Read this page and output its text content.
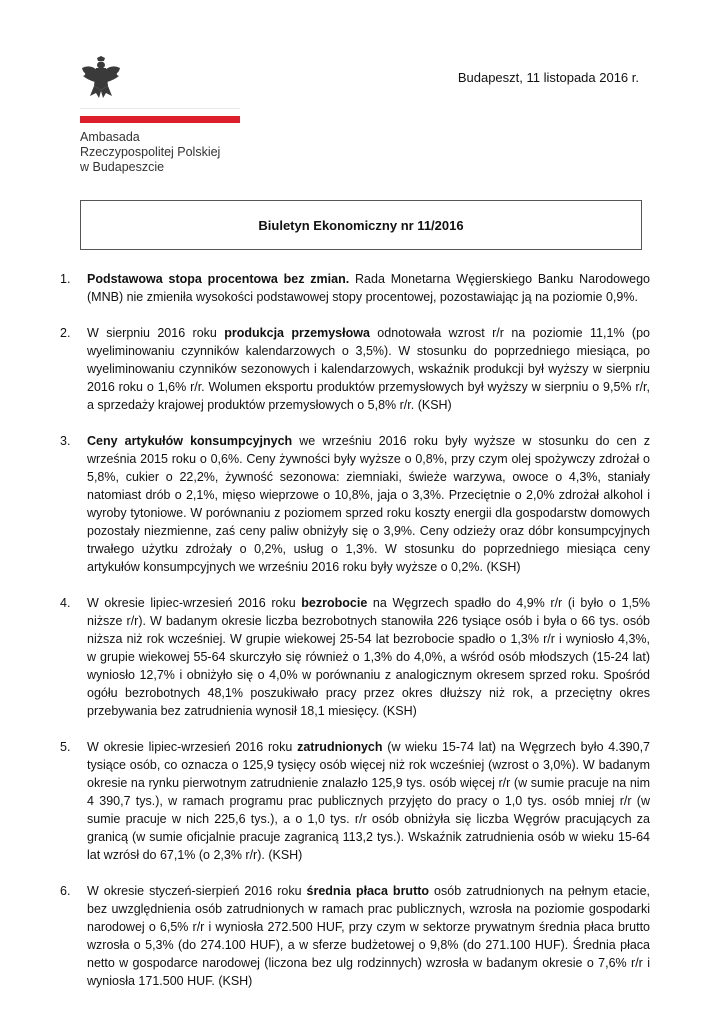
Ambasada
Rzeczypospolitej Polskiej
w Budapeszcie
Budapeszt, 11 listopada 2016 r.
Biuletyn Ekonomiczny nr 11/2016
1.	Podstawowa stopa procentowa bez zmian. Rada Monetarna Węgierskiego Banku Narodowego (MNB) nie zmieniła wysokości podstawowej stopy procentowej, pozostawiając ją na poziomie 0,9%.
2.	W sierpniu 2016 roku produkcja przemysłowa odnotowała wzrost r/r na poziomie 11,1% (po wyeliminowaniu czynników kalendarzowych o 3,5%). W stosunku do poprzedniego miesiąca, po wyeliminowaniu czynników sezonowych i kalendarzowych, wskaźnik produkcji był wyższy w sierpniu 2016 roku o 1,6% r/r. Wolumen eksportu produktów przemysłowych był wyższy w sierpniu o 9,5% r/r, a sprzedaży krajowej produktów przemysłowych o 5,8% r/r. (KSH)
3.	Ceny artykułów konsumpcyjnych we wrześniu 2016 roku były wyższe w stosunku do cen z września 2015 roku o 0,6%. Ceny żywności były wyższe o 0,8%, przy czym olej spożywczy zdrożał o 5,8%, cukier o 22,2%, żywność sezonowa: ziemniaki, świeże warzywa, owoce o 4,3%, staniały natomiast drób o 2,1%, mięso wieprzowe o 10,8%, jaja o 3,3%. Przeciętnie o 2,0% zdrożał alkohol i wyroby tytoniowe. W porównaniu z poziomem sprzed roku koszty energii dla gospodarstw domowych pozostały niezmienne, zaś ceny paliw obniżyły się o 3,9%. Ceny odzieży oraz dóbr konsumpcyjnych trwałego użytku zdrożały o 0,2%, usług o 1,3%. W stosunku do poprzedniego miesiąca ceny artykułów konsumpcyjnych we wrześniu 2016 roku były wyższe o 0,2%. (KSH)
4.	W okresie lipiec-wrzesień 2016 roku bezrobocie na Węgrzech spadło do 4,9% r/r (i było o 1,5% niższe r/r). W badanym okresie liczba bezrobotnych stanowiła 226 tysiące osób i była o 66 tys. osób niższa niż rok wcześniej. W grupie wiekowej 25-54 lat bezrobocie spadło o 1,3% r/r i wyniosło 4,3%, w grupie wiekowej 55-64 skurczyło się również o 1,3% do 4,0%, a wśród osób młodszych (15-24 lat) wyniosło 12,7% i obniżyło się o 4,0% w porównaniu z analogicznym okresem sprzed roku. Spośród ogółu bezrobotnych 48,1% poszukiwało pracy przez okres dłuższy niż rok, a przeciętny okres przebywania bez zatrudnienia wynosił 18,1 miesięcy. (KSH)
5.	W okresie lipiec-wrzesień 2016 roku zatrudnionych (w wieku 15-74 lat) na Węgrzech było 4.390,7 tysiące osób, co oznacza o 125,9 tysięcy osób więcej niż rok wcześniej (wzrost o 3,0%). W badanym okresie na rynku pierwotnym zatrudnienie znalazło 125,9 tys. osób więcej r/r (w sumie pracuje na nim 4 390,7 tys.), w ramach programu prac publicznych przyjęto do pracy o 1,0 tys. osób mniej r/r (w sumie pracuje w nich 225,6 tys.), a o 1,0 tys. r/r osób obniżyła się liczba Węgrów pracujących za granicą (w sumie oficjalnie pracuje zagranicą 113,2 tys.). Wskaźnik zatrudnienia osób w wieku 15-64 lat wzrósł do 67,1% (o 2,3% r/r). (KSH)
6.	W okresie styczeń-sierpień 2016 roku średnia płaca brutto osób zatrudnionych na pełnym etacie, bez uwzględnienia osób zatrudnionych w ramach prac publicznych, wzrosła na poziomie gospodarki narodowej o 6,5% r/r i wyniosła 272.500 HUF, przy czym w sektorze prywatnym średnia płaca brutto wzrosła o 5,3% (do 274.100 HUF), a w sferze budżetowej o 9,8% (do 271.100 HUF). Średnia płaca netto w gospodarce narodowej (liczona bez ulg rodzinnych) wzrosła w badanym okresie o 7,6% r/r i wyniosła 171.500 HUF. (KSH)
